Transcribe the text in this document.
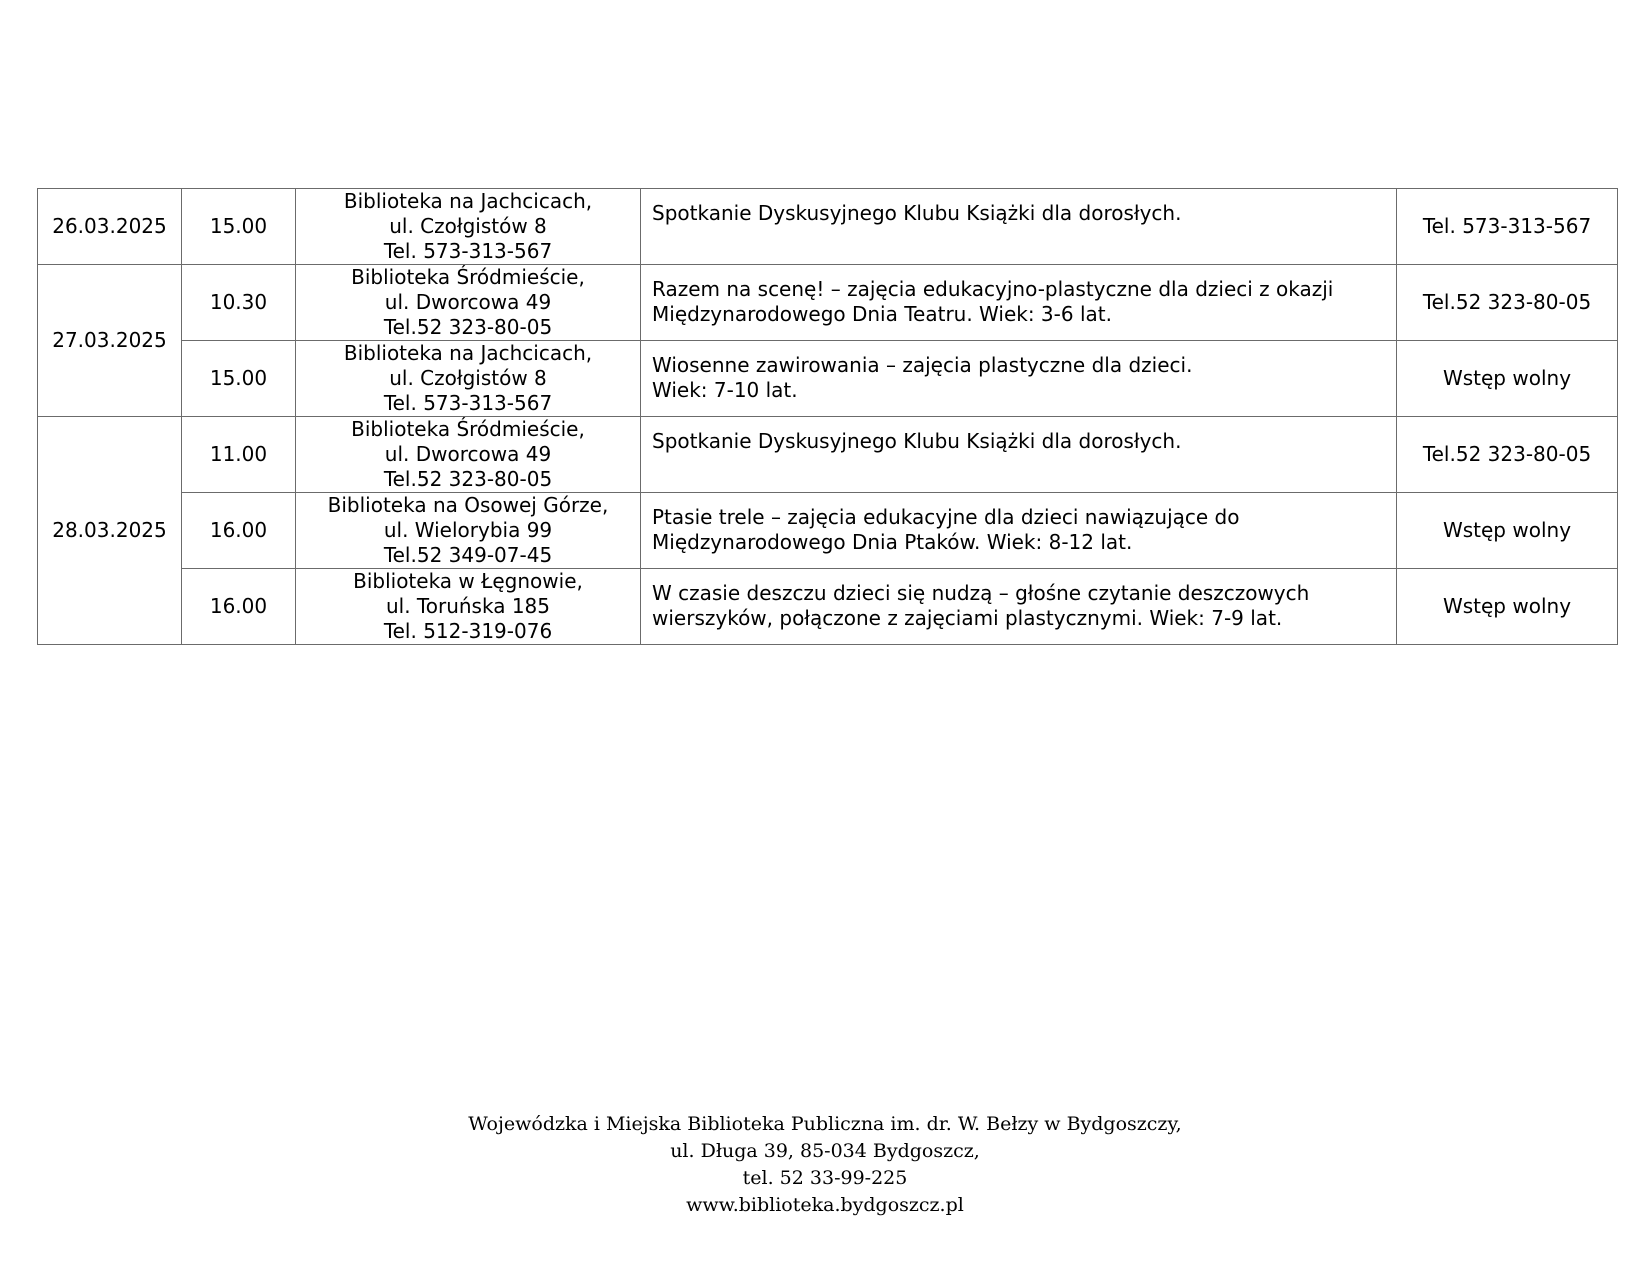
26.03.2025	15.00	Biblioteka na Jachcicach,
ul. Czołgistów 8
Tel. 573-313-567	Spotkanie Dyskusyjnego Klubu Książki dla dorosłych.	Tel. 573-313-567
27.03.2025	10.30	Biblioteka Śródmieście,
ul. Dworcowa 49
Tel.52 323-80-05	Razem na scenę! – zajęcia edukacyjno-plastyczne dla dzieci z okazji
Międzynarodowego Dnia Teatru. Wiek: 3-6 lat.	Tel.52 323-80-05
	15.00	Biblioteka na Jachcicach,
ul. Czołgistów 8
Tel. 573-313-567	Wiosenne zawirowania – zajęcia plastyczne dla dzieci.
Wiek: 7-10 lat.	Wstęp wolny
28.03.2025	11.00	Biblioteka Śródmieście,
ul. Dworcowa 49
Tel.52 323-80-05	Spotkanie Dyskusyjnego Klubu Książki dla dorosłych.	Tel.52 323-80-05
	16.00	Biblioteka na Osowej Górze,
ul. Wielorybia 99
Tel.52 349-07-45	Ptasie trele – zajęcia edukacyjne dla dzieci nawiązujące do
Międzynarodowego Dnia Ptaków. Wiek: 8-12 lat.	Wstęp wolny
	16.00	Biblioteka w Łęgnowie,
ul. Toruńska 185
Tel. 512-319-076	W czasie deszczu dzieci się nudzą – głośne czytanie deszczowych
wierszyków, połączone z zajęciami plastycznymi. Wiek: 7-9 lat.	Wstęp wolny
Wojewódzka i Miejska Biblioteka Publiczna im. dr. W. Bełzy w Bydgoszczy,
ul. Długa 39, 85-034 Bydgoszcz,
tel. 52 33-99-225
www.biblioteka.bydgoszcz.pl
